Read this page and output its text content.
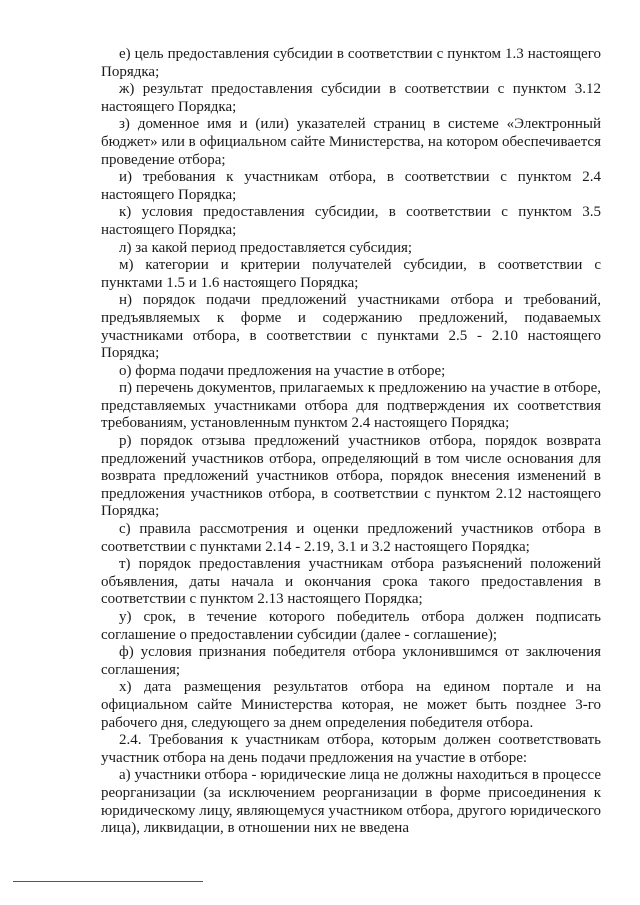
е) цель предоставления субсидии в соответствии с пунктом 1.3 настоящего Порядка;

ж) результат предоставления субсидии в соответствии с пунктом 3.12 настоящего Порядка;

з) доменное имя и (или) указателей страниц в системе «Электронный бюджет» или в официальном сайте Министерства, на котором обеспечивается проведение отбора;

и) требования к участникам отбора, в соответствии с пунктом 2.4 настоящего Порядка;

к) условия предоставления субсидии, в соответствии с пунктом 3.5 настоящего Порядка;

л) за какой период предоставляется субсидия;

м) категории и критерии получателей субсидии, в соответствии с пунктами 1.5 и 1.6 настоящего Порядка;

н) порядок подачи предложений участниками отбора и требований, предъявляемых к форме и содержанию предложений, подаваемых участниками отбора, в соответствии с пунктами 2.5 - 2.10 настоящего Порядка;

о) форма подачи предложения на участие в отборе;

п) перечень документов, прилагаемых к предложению на участие в отборе, представляемых участниками отбора для подтверждения их соответствия требованиям, установленным пунктом 2.4 настоящего Порядка;

р) порядок отзыва предложений участников отбора, порядок возврата предложений участников отбора, определяющий в том числе основания для возврата предложений участников отбора, порядок внесения изменений в предложения участников отбора, в соответствии с пунктом 2.12 настоящего Порядка;

с) правила рассмотрения и оценки предложений участников отбора в соответствии с пунктами 2.14 - 2.19, 3.1 и 3.2 настоящего Порядка;

т) порядок предоставления участникам отбора разъяснений положений объявления, даты начала и окончания срока такого предоставления в соответствии с пунктом 2.13 настоящего Порядка;

у) срок, в течение которого победитель отбора должен подписать соглашение о предоставлении субсидии (далее - соглашение);

ф) условия признания победителя отбора уклонившимся от заключения соглашения;

х) дата размещения результатов отбора на едином портале и на официальном сайте Министерства которая, не может быть позднее 3-го рабочего дня, следующего за днем определения победителя отбора.

2.4. Требования к участникам отбора, которым должен соответствовать участник отбора на день подачи предложения на участие в отборе:

а) участники отбора - юридические лица не должны находиться в процессе реорганизации (за исключением реорганизации в форме присоединения к юридическому лицу, являющемуся участником отбора, другого юридического лица), ликвидации, в отношении них не введена
